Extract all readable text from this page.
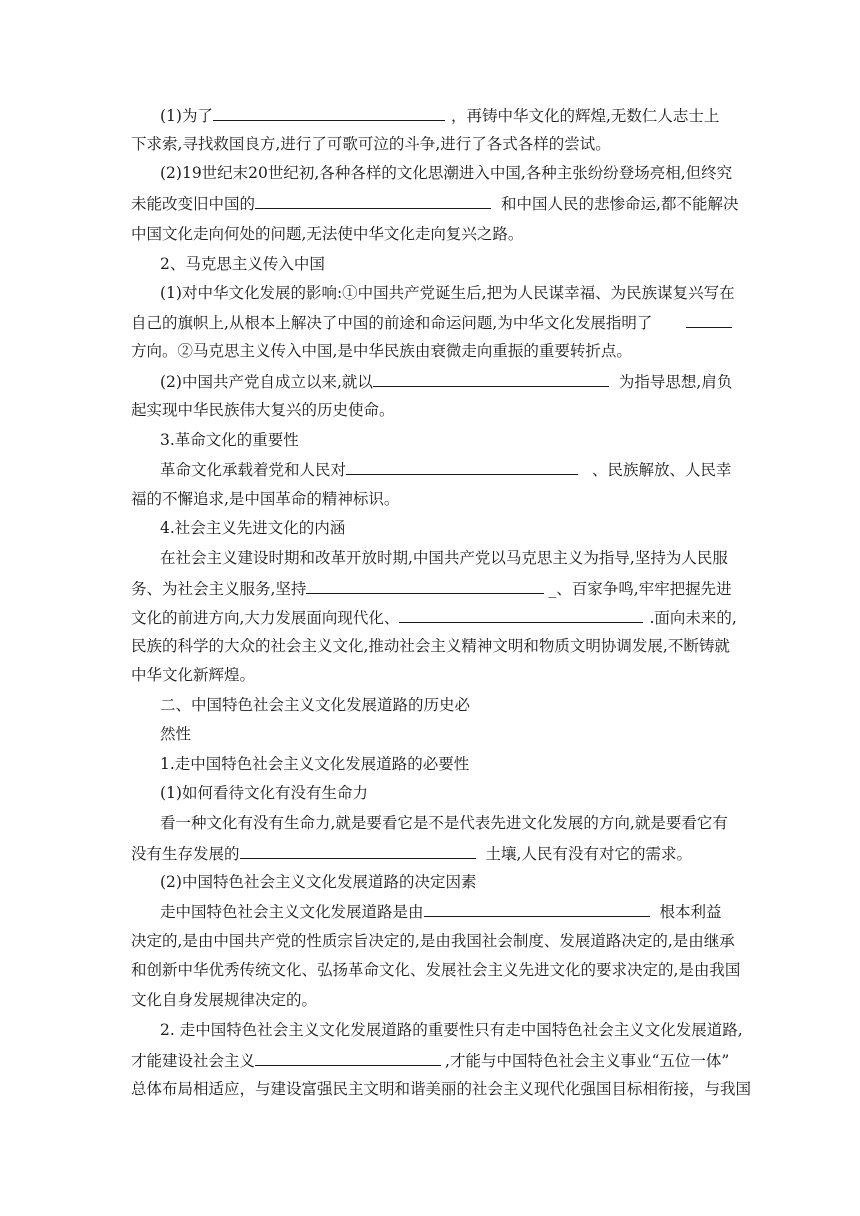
(1)为了	，再铸中华文化的辉煌,无数仁人志士上
下求索,寻找救国良方,进行了可歌可泣的斗争,进行了各式各样的尝试。
(2)19世纪末20世纪初,各种各样的文化思潮进入中国,各种主张纷纷登场亮相,但终究
未能改变旧中国的	和中国人民的悲惨命运,都不能解决
中国文化走向何处的问题,无法使中华文化走向复兴之路。
2、马克思主义传入中国
(1)对中华文化发展的影响:①中国共产党诞生后,把为人民谋幸福、为民族谋复兴写在
自己的旗帜上,从根本上解决了中国的前途和命运问题,为中华文化发展指明了
方向。②马克思主义传入中国,是中华民族由衰微走向重振的重要转折点。
(2)中国共产党自成立以来,就以	为指导思想,肩负
起实现中华民族伟大复兴的历史使命。
3.革命文化的重要性
革命文化承载着党和人民对	、民族解放、人民幸
福的不懈追求,是中国革命的精神标识。
4.社会主义先进文化的内涵
在社会主义建设时期和改革开放时期,中国共产党以马克思主义为指导,坚持为人民服
务、为社会主义服务,坚持	_、百家争鸣,牢牢把握先进
文化的前进方向,大力发展面向现代化、	.面向未来的,
民族的科学的大众的社会主义文化,推动社会主义精神文明和物质文明协调发展,不断铸就
中华文化新辉煌。
二、中国特色社会主义文化发展道路的历史必
然性
1.走中国特色社会主义文化发展道路的必要性
(1)如何看待文化有没有生命力
看一种文化有没有生命力,就是要看它是不是代表先进文化发展的方向,就是要看它有
没有生存发展的	土壤,人民有没有对它的需求。
(2)中国特色社会主义文化发展道路的决定因素
走中国特色社会主义文化发展道路是由	根本利益
决定的,是由中国共产党的性质宗旨决定的,是由我国社会制度、发展道路决定的,是由继承
和创新中华优秀传统文化、弘扬革命文化、发展社会主义先进文化的要求决定的,是由我国
文化自身发展规律决定的。
2. 走中国特色社会主义文化发展道路的重要性只有走中国特色社会主义文化发展道路,
才能建设社会主义	,才能与中国特色社会主义事业“五位一体”
总体布局相适应，与建设富强民主文明和谐美丽的社会主义现代化强国目标相衔接，与我国
